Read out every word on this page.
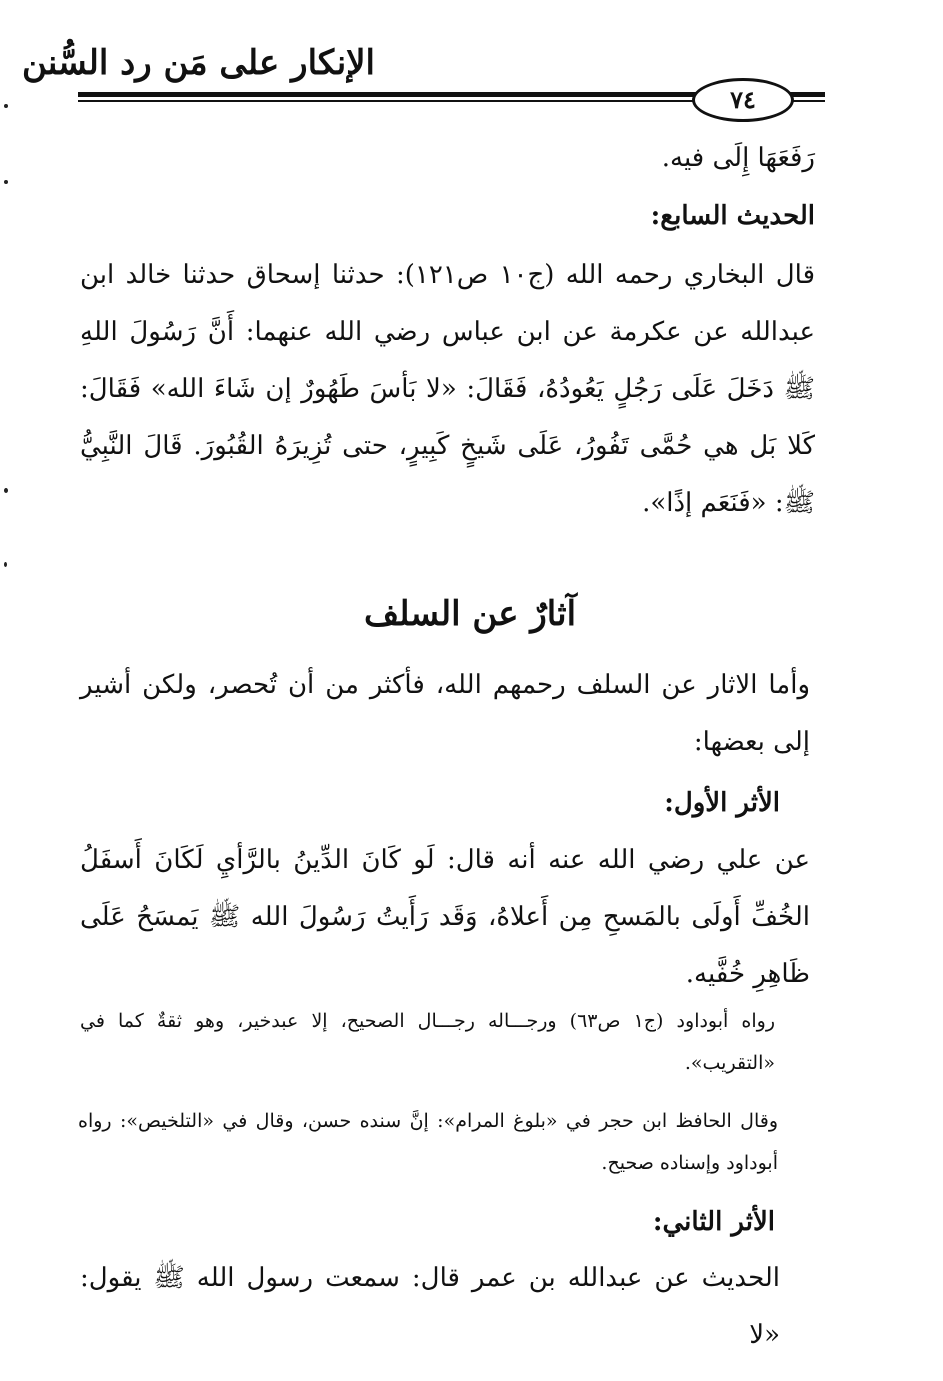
الإنكار على مَن رد السُّنن
٧٤

رَفَعَهَا إِلَى فيه.

الحديث السابع:

قال البخاري رحمه الله (ج١٠ ص١٢١): حدثنا إسحاق حدثنا خالد ابن عبدالله عن عكرمة عن ابن عباس رضي الله عنهما: أَنَّ رَسُولَ اللهِ ﷺ دَخَلَ عَلَى رَجُلٍ يَعُودُهُ، فَقَالَ: «لا بَأسَ طَهُورٌ إن شَاءَ الله» فَقَالَ: كَلا بَل هي حُمَّى تَفُورُ، عَلَى شَيخٍ كَبِيرٍ، حتى تُزِيرَهُ القُبُورَ. قَالَ النَّبِيُّ ﷺ: «فَنَعَم إذًا».

آثارٌ عن السلف

وأما الاثار عن السلف رحمهم الله، فأكثر من أن تُحصر، ولكن أشير إلى بعضها:

الأثر الأول:

عن علي رضي الله عنه أنه قال: لَو كَانَ الدِّينُ بالرَّأيِ لَكَانَ أَسفَلُ الخُفِّ أَولَى بالمَسحِ مِن أَعلاهُ، وَقَد رَأَيتُ رَسُولَ الله ﷺ يَمسَحُ عَلَى ظَاهِرِ خُفَّيه.

رواه أبوداود (ج١ ص٦٣) ورجـــاله رجـــال الصحيح، إلا عبدخير، وهو ثقةٌ كما في «التقريب».

وقال الحافظ ابن حجر في «بلوغ المرام»: إنَّ سنده حسن، وقال في «التلخيص»: رواه أبوداود وإسناده صحيح.

الأثر الثاني:

الحديث عن عبدالله بن عمر قال: سمعت رسول الله ﷺ يقول: «لا
